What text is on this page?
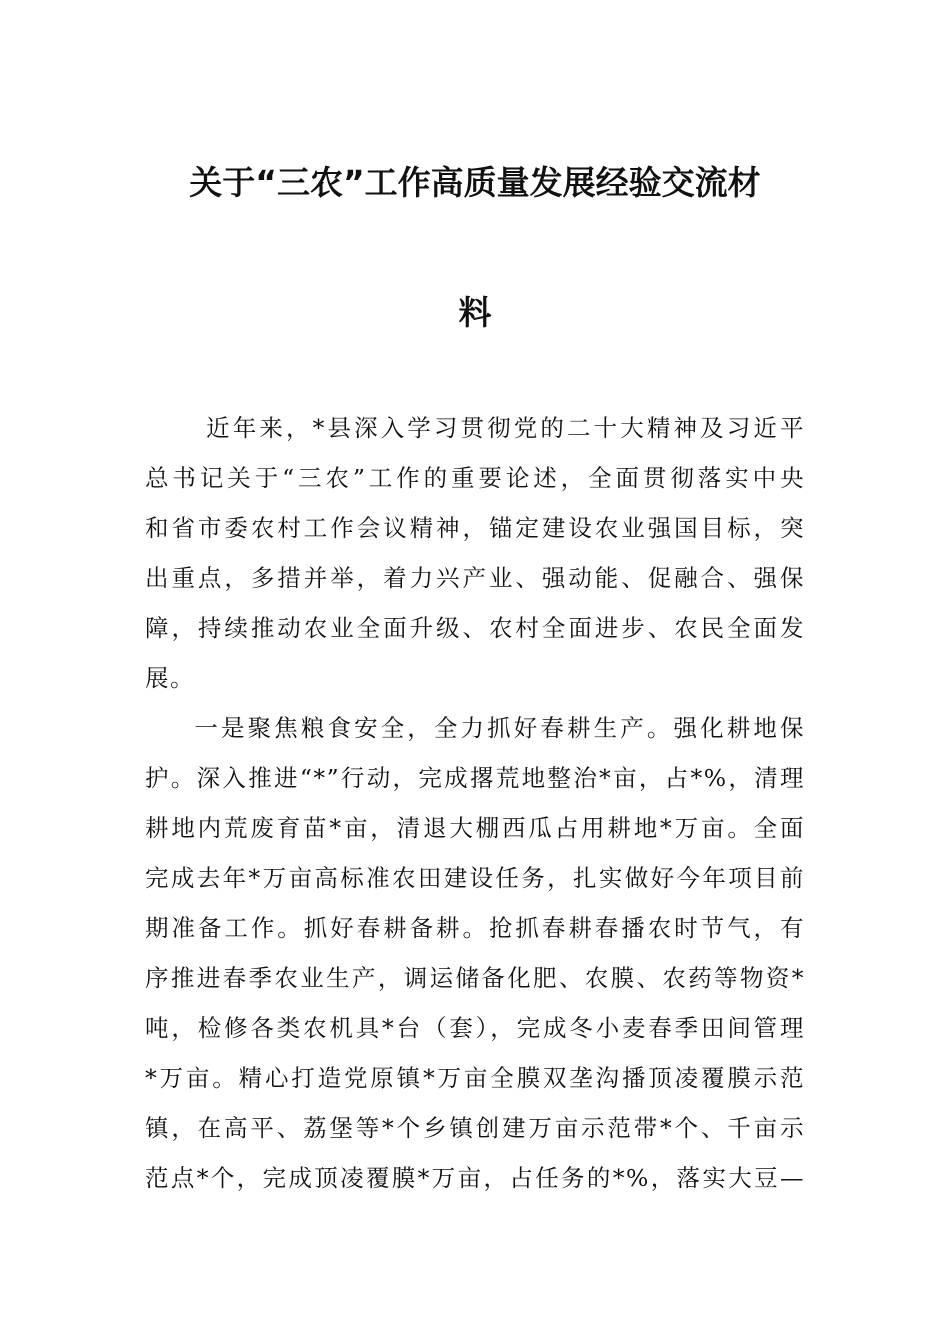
关于“三农”工作高质量发展经验交流材
料

近年来，*县深入学习贯彻党的二十大精神及习近平
总书记关于“三农”工作的重要论述，全面贯彻落实中央
和省市委农村工作会议精神，锚定建设农业强国目标，突
出重点，多措并举，着力兴产业、强动能、促融合、强保
障，持续推动农业全面升级、农村全面进步、农民全面发
展。

一是聚焦粮食安全，全力抓好春耕生产。强化耕地保
护。深入推进“*”行动，完成撂荒地整治*亩，占*%，清理
耕地内荒废育苗*亩，清退大棚西瓜占用耕地*万亩。全面
完成去年*万亩高标准农田建设任务，扎实做好今年项目前
期准备工作。抓好春耕备耕。抢抓春耕春播农时节气，有
序推进春季农业生产，调运储备化肥、农膜、农药等物资*
吨，检修各类农机具*台（套），完成冬小麦春季田间管理
*万亩。精心打造党原镇*万亩全膜双垄沟播顶凌覆膜示范
镇，在高平、荔堡等*个乡镇创建万亩示范带*个、千亩示
范点*个，完成顶凌覆膜*万亩，占任务的*%，落实大豆—
